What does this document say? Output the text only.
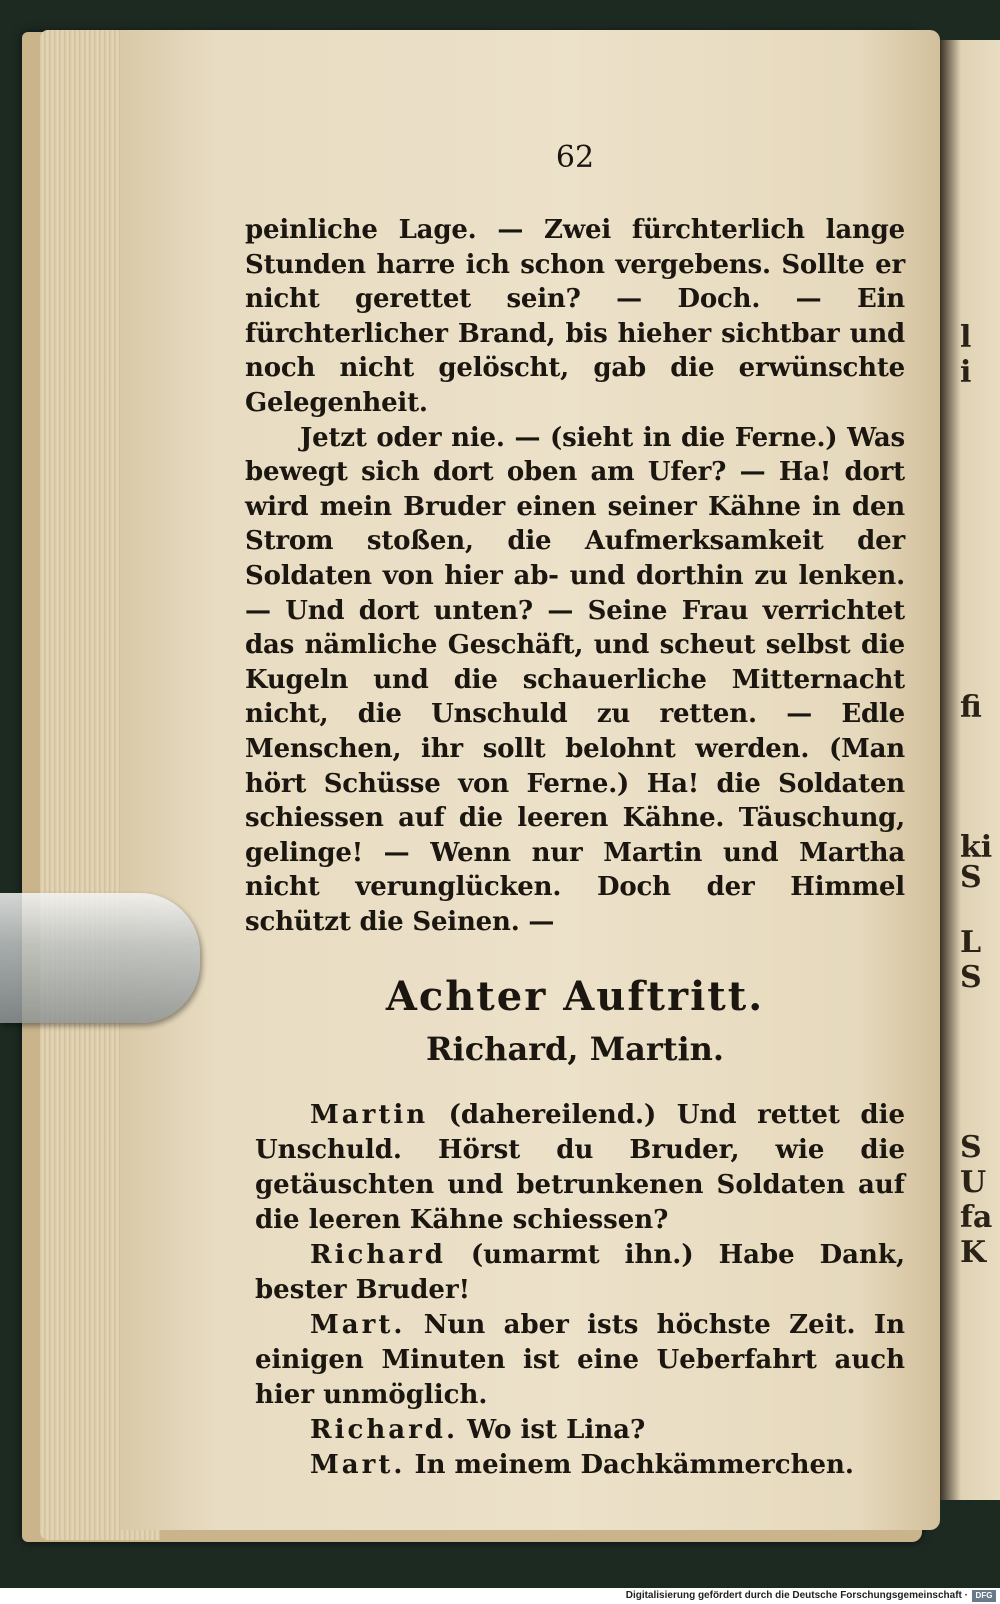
l
i
fi
ki
S
L
S
S
U
fa
K
62

peinliche Lage. — Zwei fürchterlich lange Stunden harre ich schon vergebens. Sollte er nicht gerettet sein? — Doch. — Ein fürchterlicher Brand, bis hieher sichtbar und noch nicht gelöscht, gab die erwünschte Gelegenheit.

Jetzt oder nie. — (sieht in die Ferne.) Was bewegt sich dort oben am Ufer? — Ha! dort wird mein Bruder einen seiner Kähne in den Strom stoßen, die Aufmerksamkeit der Soldaten von hier ab- und dorthin zu lenken. — Und dort unten? — Seine Frau verrichtet das nämliche Geschäft, und scheut selbst die Kugeln und die schauerliche Mitternacht nicht, die Unschuld zu retten. — Edle Menschen, ihr sollt belohnt werden. (Man hört Schüsse von Ferne.) Ha! die Soldaten schiessen auf die leeren Kähne. Täuschung, gelinge! — Wenn nur Martin und Martha nicht verunglücken. Doch der Himmel schützt die Seinen. —

Achter Auftritt.
Richard, Martin.

Martin (dahereilend.) Und rettet die Unschuld. Hörst du Bruder, wie die getäuschten und betrunkenen Soldaten auf die leeren Kähne schiessen?

Richard (umarmt ihn.) Habe Dank, bester Bruder!

Mart. Nun aber ists höchste Zeit. In einigen Minuten ist eine Ueberfahrt auch hier unmöglich.

Richard. Wo ist Lina?

Mart. In meinem Dachkämmerchen.

Digitalisierung gefördert durch die Deutsche Forschungsgemeinschaft · DFG
